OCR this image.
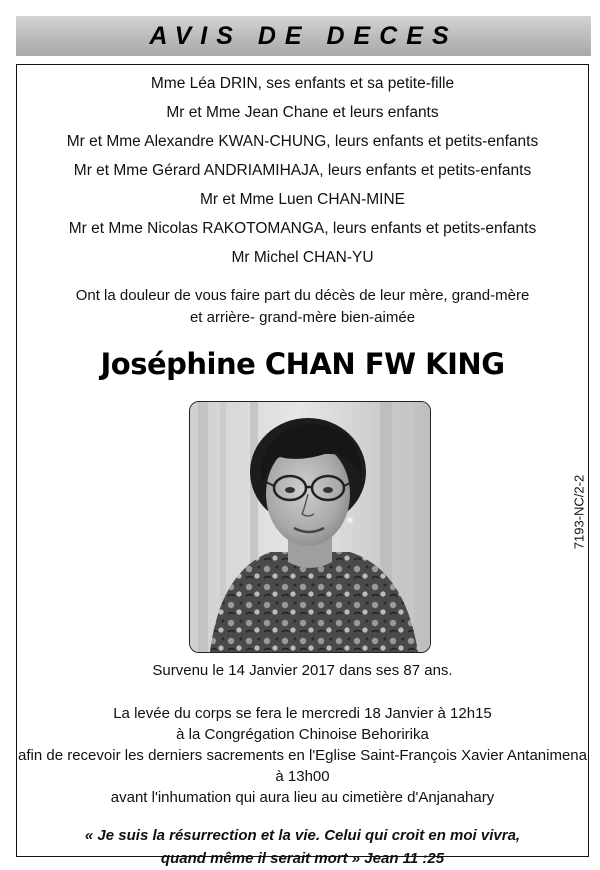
AVIS DE DECES
Mme Léa DRIN, ses enfants et sa petite-fille
Mr et Mme Jean Chane et leurs enfants
Mr et Mme Alexandre KWAN-CHUNG, leurs enfants et petits-enfants
Mr et Mme Gérard ANDRIAMIHAJA, leurs enfants et petits-enfants
Mr et Mme Luen CHAN-MINE
Mr et Mme Nicolas RAKOTOMANGA, leurs enfants et petits-enfants
Mr Michel CHAN-YU
Ont la douleur de vous faire part du décès de leur mère, grand-mère
et arrière- grand-mère bien-aimée
Joséphine CHAN FW KING
Survenu le 14 Janvier 2017 dans ses 87 ans.
La levée du corps se fera le mercredi 18 Janvier à 12h15
à la Congrégation Chinoise Behoririka
afin de recevoir les derniers sacrements en l'Eglise Saint-François Xavier Antanimena
à 13h00
avant l'inhumation qui aura lieu au cimetière d'Anjanahary
« Je suis la résurrection et la vie. Celui qui croit en moi vivra,
quand même il serait mort » Jean 11 :25
7193-NC/2-2
